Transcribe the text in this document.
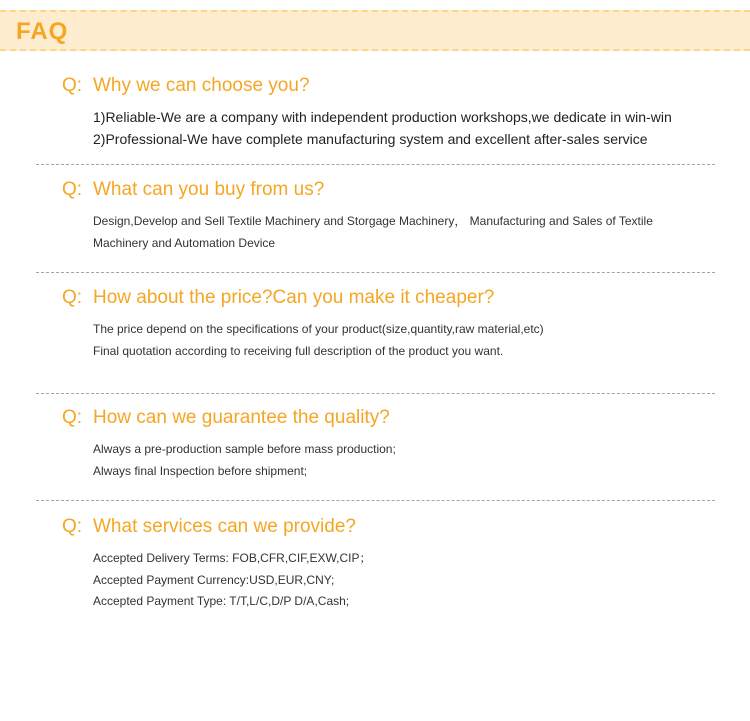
FAQ
Q: Why we can choose you?
1)Reliable-We are a company with independent production workshops,we dedicate in win-win
2)Professional-We have complete manufacturing system and excellent after-sales service
Q: What can you buy from us?
Design,Develop and Sell Textile Machinery and Storgage Machinery， Manufacturing and Sales of Textile
Machinery and Automation Device
Q: How about the price?Can you make it cheaper?
The price depend on the specifications of your product(size,quantity,raw material,etc)
Final quotation according to receiving full description of the product you want.
Q: How can we guarantee the quality?
Always a pre-production sample before mass production;
Always final Inspection before shipment;
Q: What services can we provide?
Accepted Delivery Terms: FOB,CFR,CIF,EXW,CIP；
Accepted Payment Currency:USD,EUR,CNY;
Accepted Payment Type: T/T,L/C,D/P D/A,Cash;
